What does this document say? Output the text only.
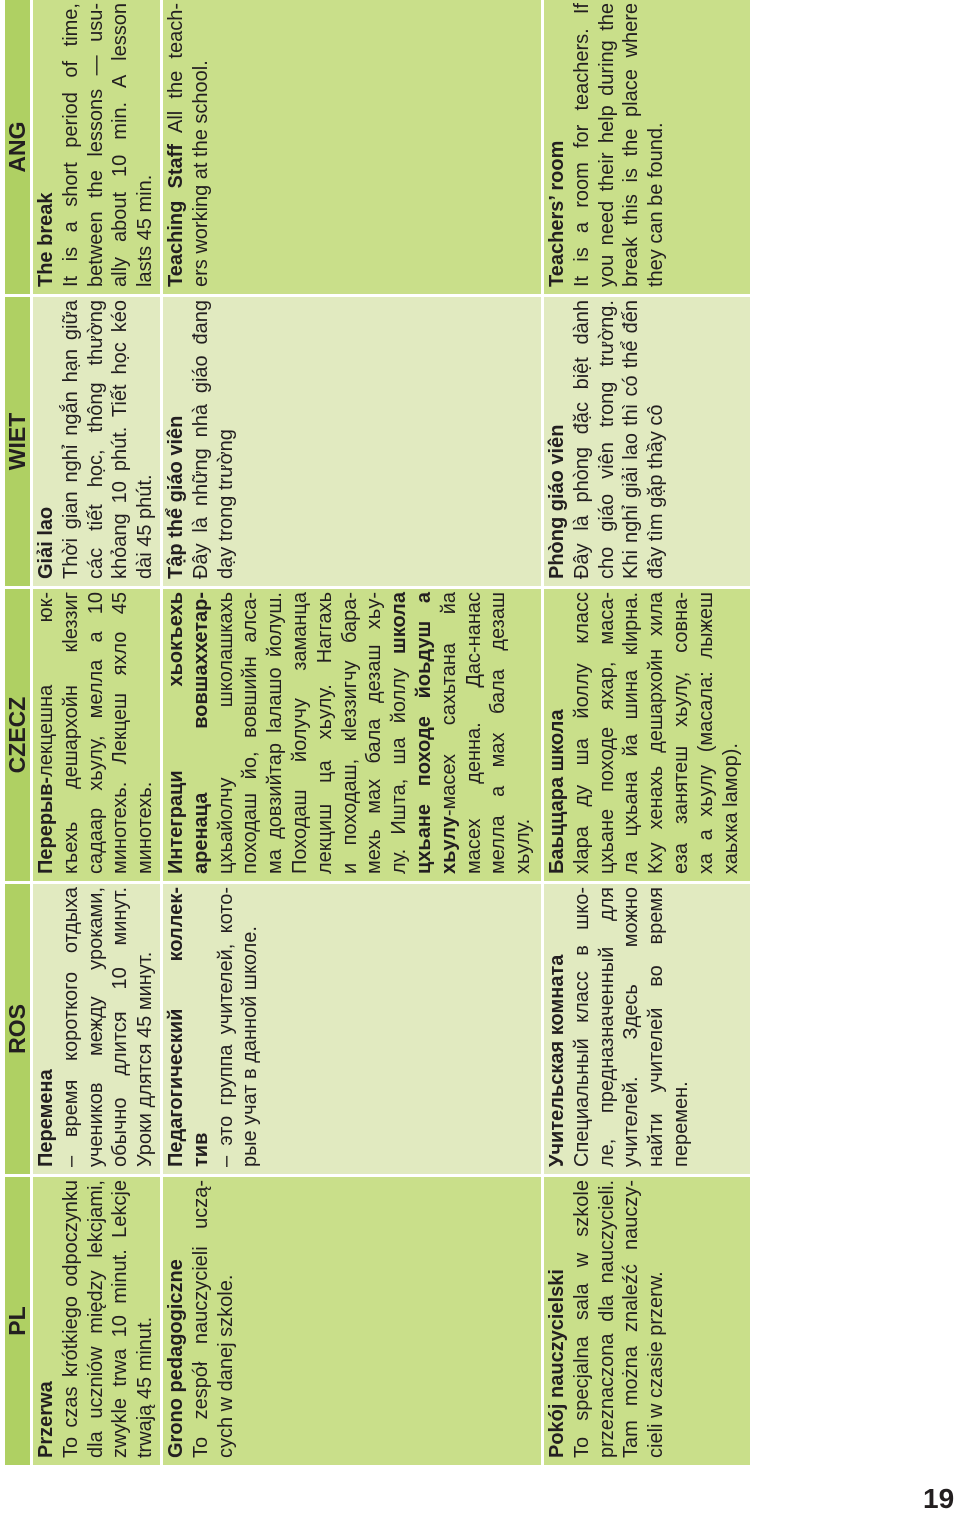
PL
ROS
CZECZ
WIET
ANG
Przerwa To czas krótkiego odpoczynku dla uczniów między lekcjami, zwykle trwa 10 minut. Lekcje trwają 45 minut.
Перемена – время короткого отдыха учеников между уроками, обычно длится 10 минут. Уроки длятся 45 минут.
Перерыв-лекцешна юк- къехь дешархойн кlеззиг садаар хьулу, мелла а 10 минотехь. Лекцеш яхло 45 минотехь.
Giải lao Thời gian nghỉ ngắn hạn giữa các tiết học, thông thường khỏang 10 phút. Tiết học kéo dài 45 phút.
The break It is a short period of time, between the lessons — usu- ally about 10 min. A lesson lasts 45 min.
Grono pedagogiczne To zespół nauczycieli uczą- cych w danej szkole.
Педагогический коллек- тив – это группа учителей, кото- рые учат в данной школе.
Интеграци хьокъехь аренаца вовшаххетар- цхьайолчу школашкахь походаш йо, вовшийн алса- ма довзийтар lалашо йолуш. Походаш йолучу заманца лекциш ца хьулу. Наггахь и походаш, кlеззигчу бара- мехь мах бала дезаш хьу- лу. Ишта, ша йоллу школа цхьане походе йоьдуш а хьулу-масех сахьтана йа масех денна. Дас-нанас мелла а мах бала дезаш хьулу.
Tập thể giáo viên Đây là những nhà giáo đang dạy trong trường
Teaching Staff All the teach- ers working at the school.
Pokój nauczycielski To specjalna sala w szkole przeznaczona dla nauczycieli. Tam można znaleźć nauczy- cieli w czasie przerw.
Учительская комната Специальный класс в шко- ле, предназначенный для учителей. Здесь можно найти учителей во время перемен.
Баьццара школа хlара ду ша йоллу класс цхьане походе яхар, маса- ла цхьана йа шина кlирна. Кху хенахь дешархойн хила еза занятеш хьулу, совна- ха а хьулу (масала: лыжеш хаьхка lамор).
Phòng giáo viên Đây là phòng đặc biệt dành cho giáo viên trong trường. Khi nghỉ giải lao thì có thể đến đây tìm gặp thầy cô
Teachers’ room It is a room for teachers. If you need their help during the break this is the place where they can be found.
19
